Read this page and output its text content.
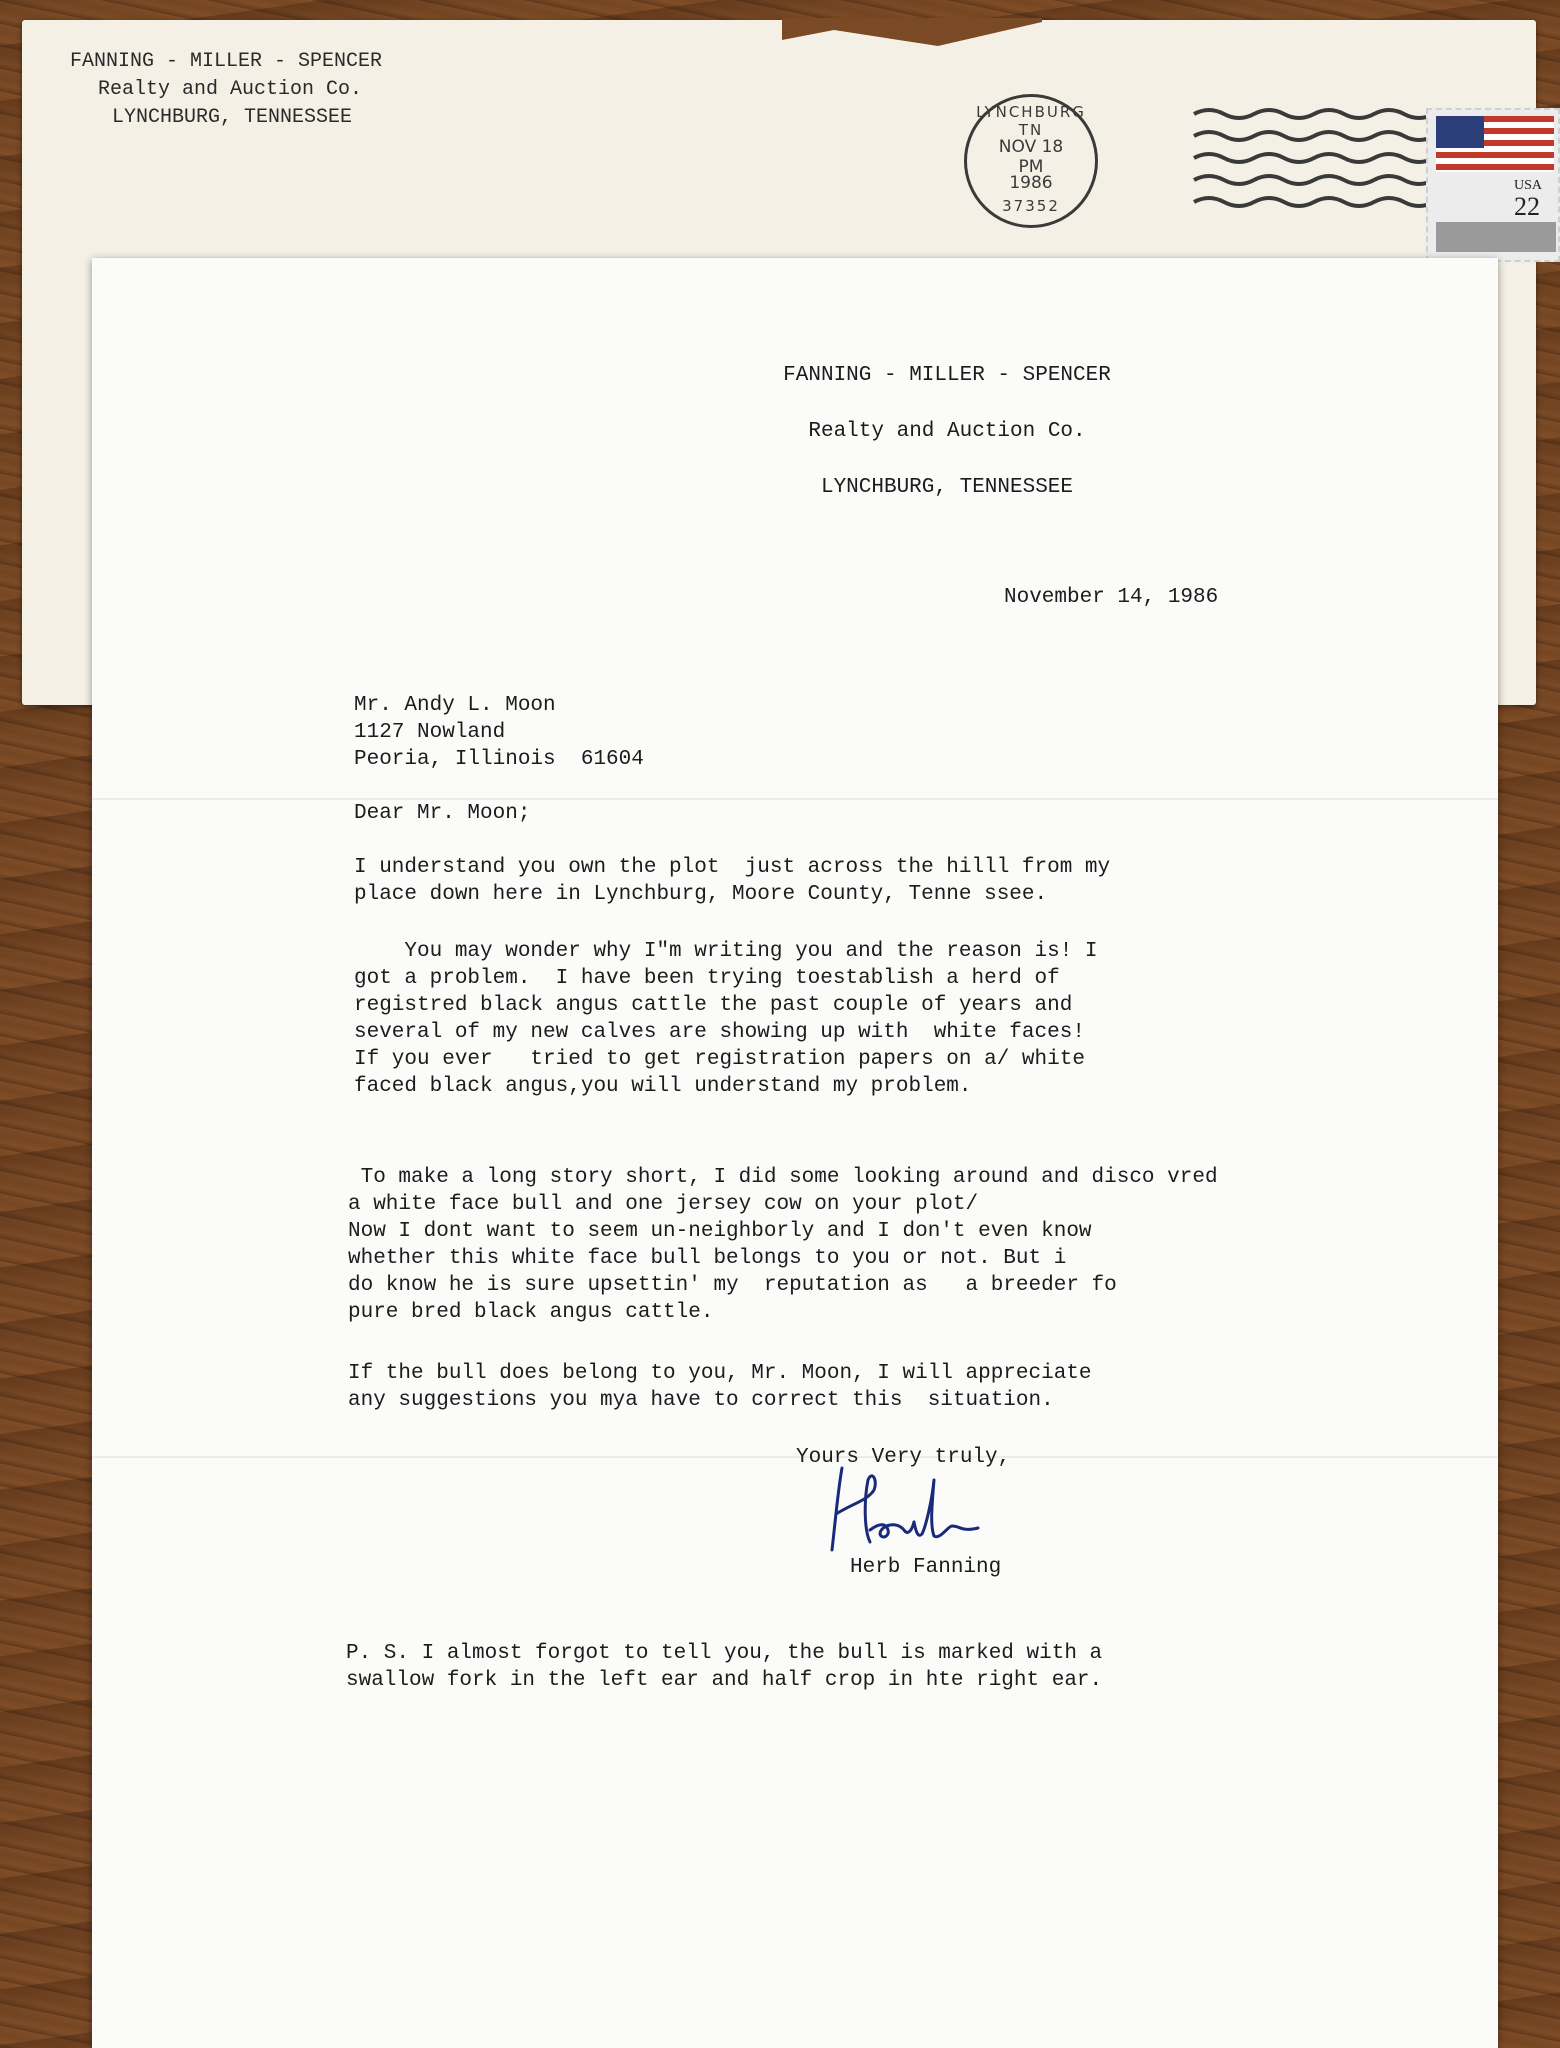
FANNING - MILLER - SPENCER
Realty and Auction Co.
LYNCHBURG, TENNESSEE	LYNCHBURG TN
NOV 18
PM
1986
37352
USA
22
FANNING - MILLER - SPENCER
Realty and Auction Co.
LYNCHBURG, TENNESSEE
November 14, 1986
Mr. Andy L. Moon
1127 Nowland
Peoria, Illinois  61604
Dear Mr. Moon;
I understand you own the plot  just across the hilll from my
place down here in Lynchburg, Moore County, Tenne ssee.
You may wonder why I"m writing you and the reason is! I
got a problem.  I have been trying toestablish a herd of
registred black angus cattle the past couple of years and
several of my new calves are showing up with  white faces!
If you ever   tried to get registration papers on a/ white
faced black angus,you will understand my problem.
To make a long story short, I did some looking around and disco vred
a white face bull and one jersey cow on your plot/
Now I dont want to seem un-neighborly and I don't even know
whether this white face bull belongs to you or not. But i
do know he is sure upsettin' my  reputation as   a breeder fo
pure bred black angus cattle.
If the bull does belong to you, Mr. Moon, I will appreciate
any suggestions you mya have to correct this  situation.
Yours Very truly,
Herb Fanning
P. S. I almost forgot to tell you, the bull is marked with a
swallow fork in the left ear and half crop in hte right ear.
